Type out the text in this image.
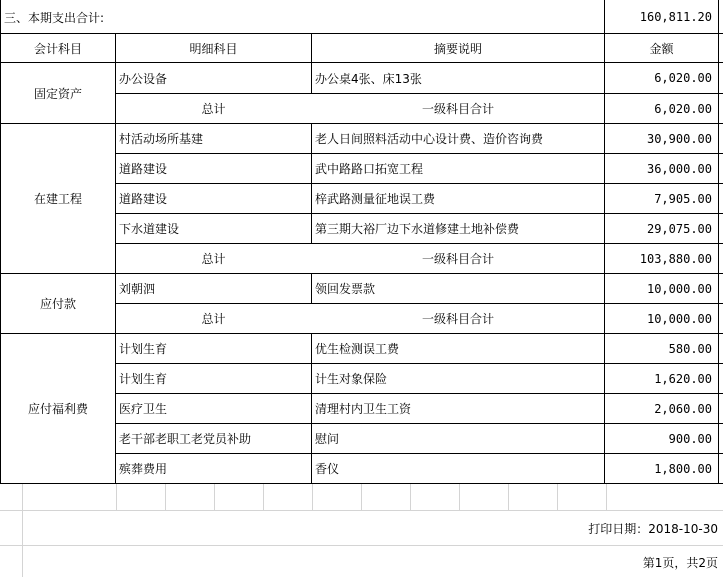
三、本期支出合计:	160,811.20
会计科目	明细科目	摘要说明	金额
固定资产
办公设备	办公桌4张、床13张	6,020.00
总计	一级科目合计	6,020.00
在建工程
村活动场所基建	老人日间照料活动中心设计费、造价咨询费	30,900.00
道路建设	武中路路口拓宽工程	36,000.00
道路建设	梓武路测量征地误工费	7,905.00
下水道建设	第三期大裕厂边下水道修建土地补偿费	29,075.00
总计	一级科目合计	103,880.00
应付款
刘朝泗	领回发票款	10,000.00
总计	一级科目合计	10,000.00
应付福利费
计划生育	优生检测误工费	580.00
计划生育	计生对象保险	1,620.00
医疗卫生	清理村内卫生工资	2,060.00
老干部老职工老党员补助	慰问	900.00
殡葬费用	香仪	1,800.00
打印日期：2018-10-30
第1页，共2页
